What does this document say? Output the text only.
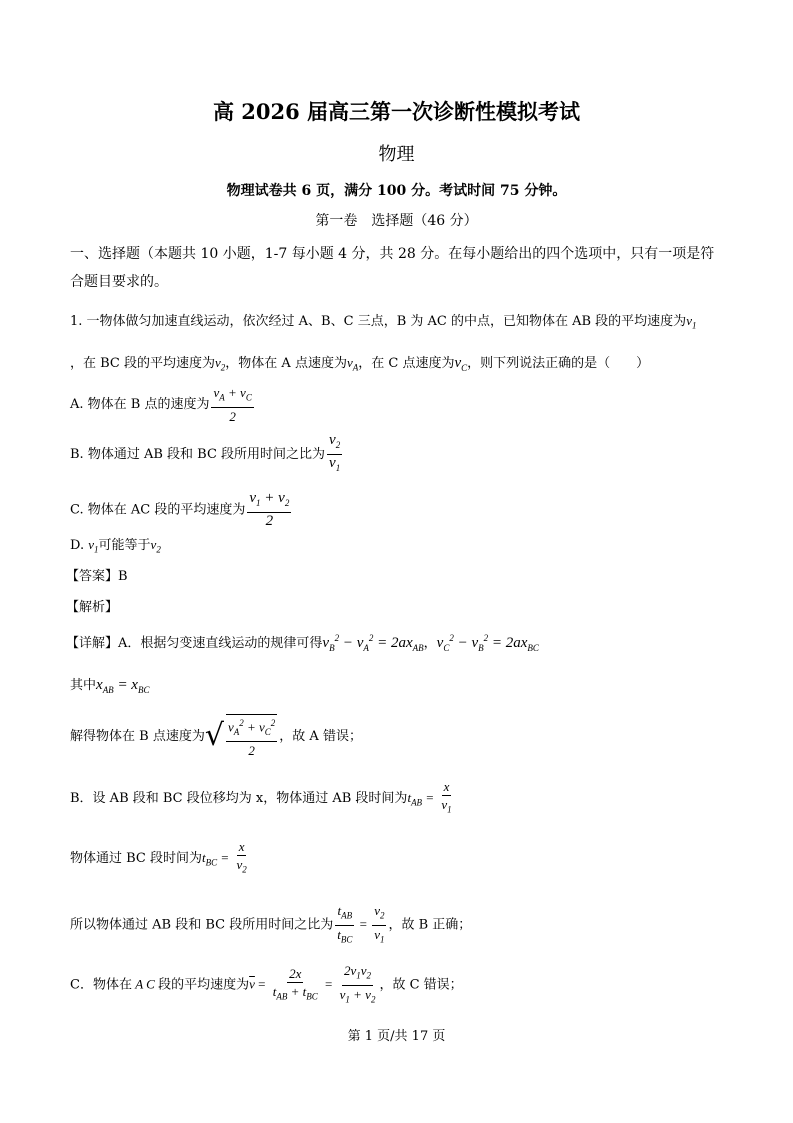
高 2026 届高三第一次诊断性模拟考试
物理
物理试卷共 6 页，满分 100 分。考试时间 75 分钟。
第一卷　选择题（46 分）
一、选择题（本题共 10 小题，1-7 每小题 4 分，共 28 分。在每小题给出的四个选项中，只有一项是符合题目要求的。
1. 一物体做匀加速直线运动，依次经过 A、B、C 三点，B 为 AC 的中点，已知物体在 AB 段的平均速度为$v_1$
，在 BC 段的平均速度为$v_2$，物体在 A 点速度为$v_A$，在 C 点速度为$v_C$，则下列说法正确的是（　　）
A. 物体在 B 点的速度为 $\frac{v_A + v_C}{2}$
B. 物体通过 AB 段和 BC 段所用时间之比为 $\frac{v_2}{v_1}$
C. 物体在 AC 段的平均速度为 $\frac{v_1 + v_2}{2}$
D. $v_1$可能等于$v_2$
【答案】B
【解析】
【详解】A．根据匀变速直线运动的规律可得$v_B^2 - v_A^2 = 2ax_{AB}$，$v_C^2 - v_B^2 = 2ax_{BC}$
其中$x_{AB} = x_{BC}$
解得物体在 B 点速度为 √ $\frac{v_A^2 + v_C^2}{2}$ ，故 A 错误；
B．设 AB 段和 BC 段位移均为 x，物体通过 AB 段时间为$t_{AB} = \frac{x}{v_1}$
物体通过 BC 段时间为$t_{BC} = \frac{x}{v_2}$
所以物体通过 AB 段和 BC 段所用时间之比为 $\frac{t_{AB}}{t_{BC}} = \frac{v_2}{v_1}$ ，故 B 正确；
C．物体在 A C 段的平均速度为$\overline{v} = \frac{2x}{t_{AB} + t_{BC}} = \frac{2v_1v_2}{v_1 + v_2}$ ，故 C 错误；
第 1 页/共 17 页
